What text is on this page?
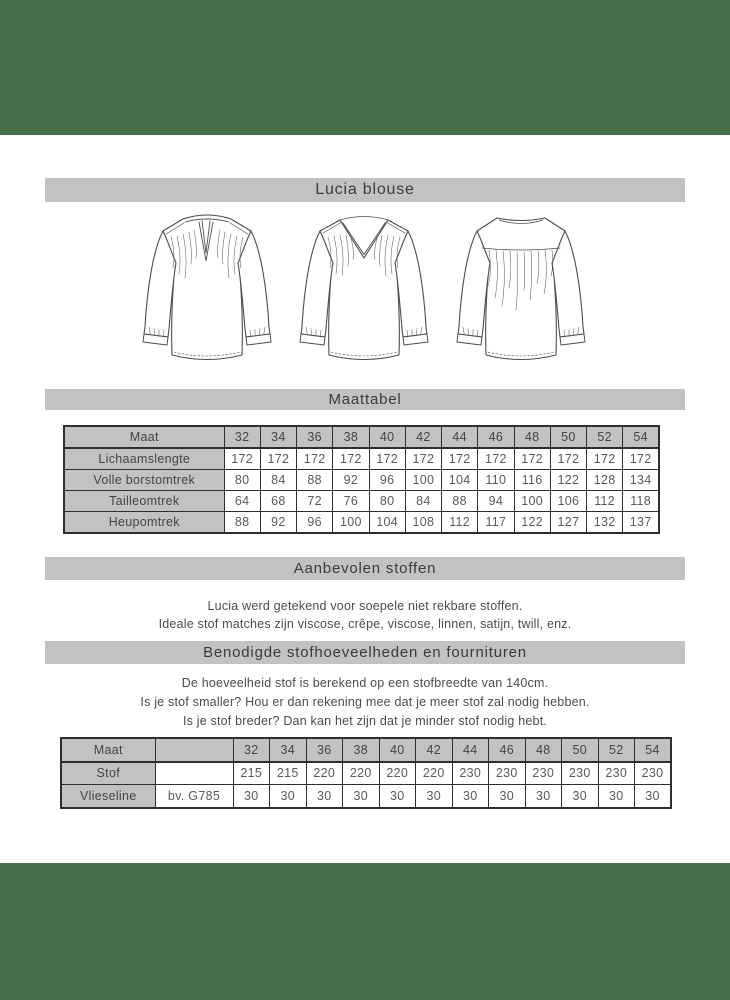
Lucia blouse
Maattabel
Maat	32	34	36	38	40	42	44	46	48	50	52	54
Lichaamslengte	172	172	172	172	172	172	172	172	172	172	172	172
Volle borstomtrek	80	84	88	92	96	100	104	110	116	122	128	134
Tailleomtrek	64	68	72	76	80	84	88	94	100	106	112	118
Heupomtrek	88	92	96	100	104	108	112	117	122	127	132	137
Aanbevolen stoffen
Lucia werd getekend voor soepele niet rekbare stoffen.
Ideale stof matches zijn viscose, crêpe, viscose, linnen, satijn, twill, enz.
Benodigde stofhoeveelheden en fournituren
De hoeveelheid stof is berekend op een stofbreedte van 140cm.
Is je stof smaller? Hou er dan rekening mee dat je meer stof zal nodig hebben.
Is je stof breder? Dan kan het zijn dat je minder stof nodig hebt.
Maat		32	34	36	38	40	42	44	46	48	50	52	54
Stof		215	215	220	220	220	220	230	230	230	230	230	230
Vlieseline	bv. G785	30	30	30	30	30	30	30	30	30	30	30	30
